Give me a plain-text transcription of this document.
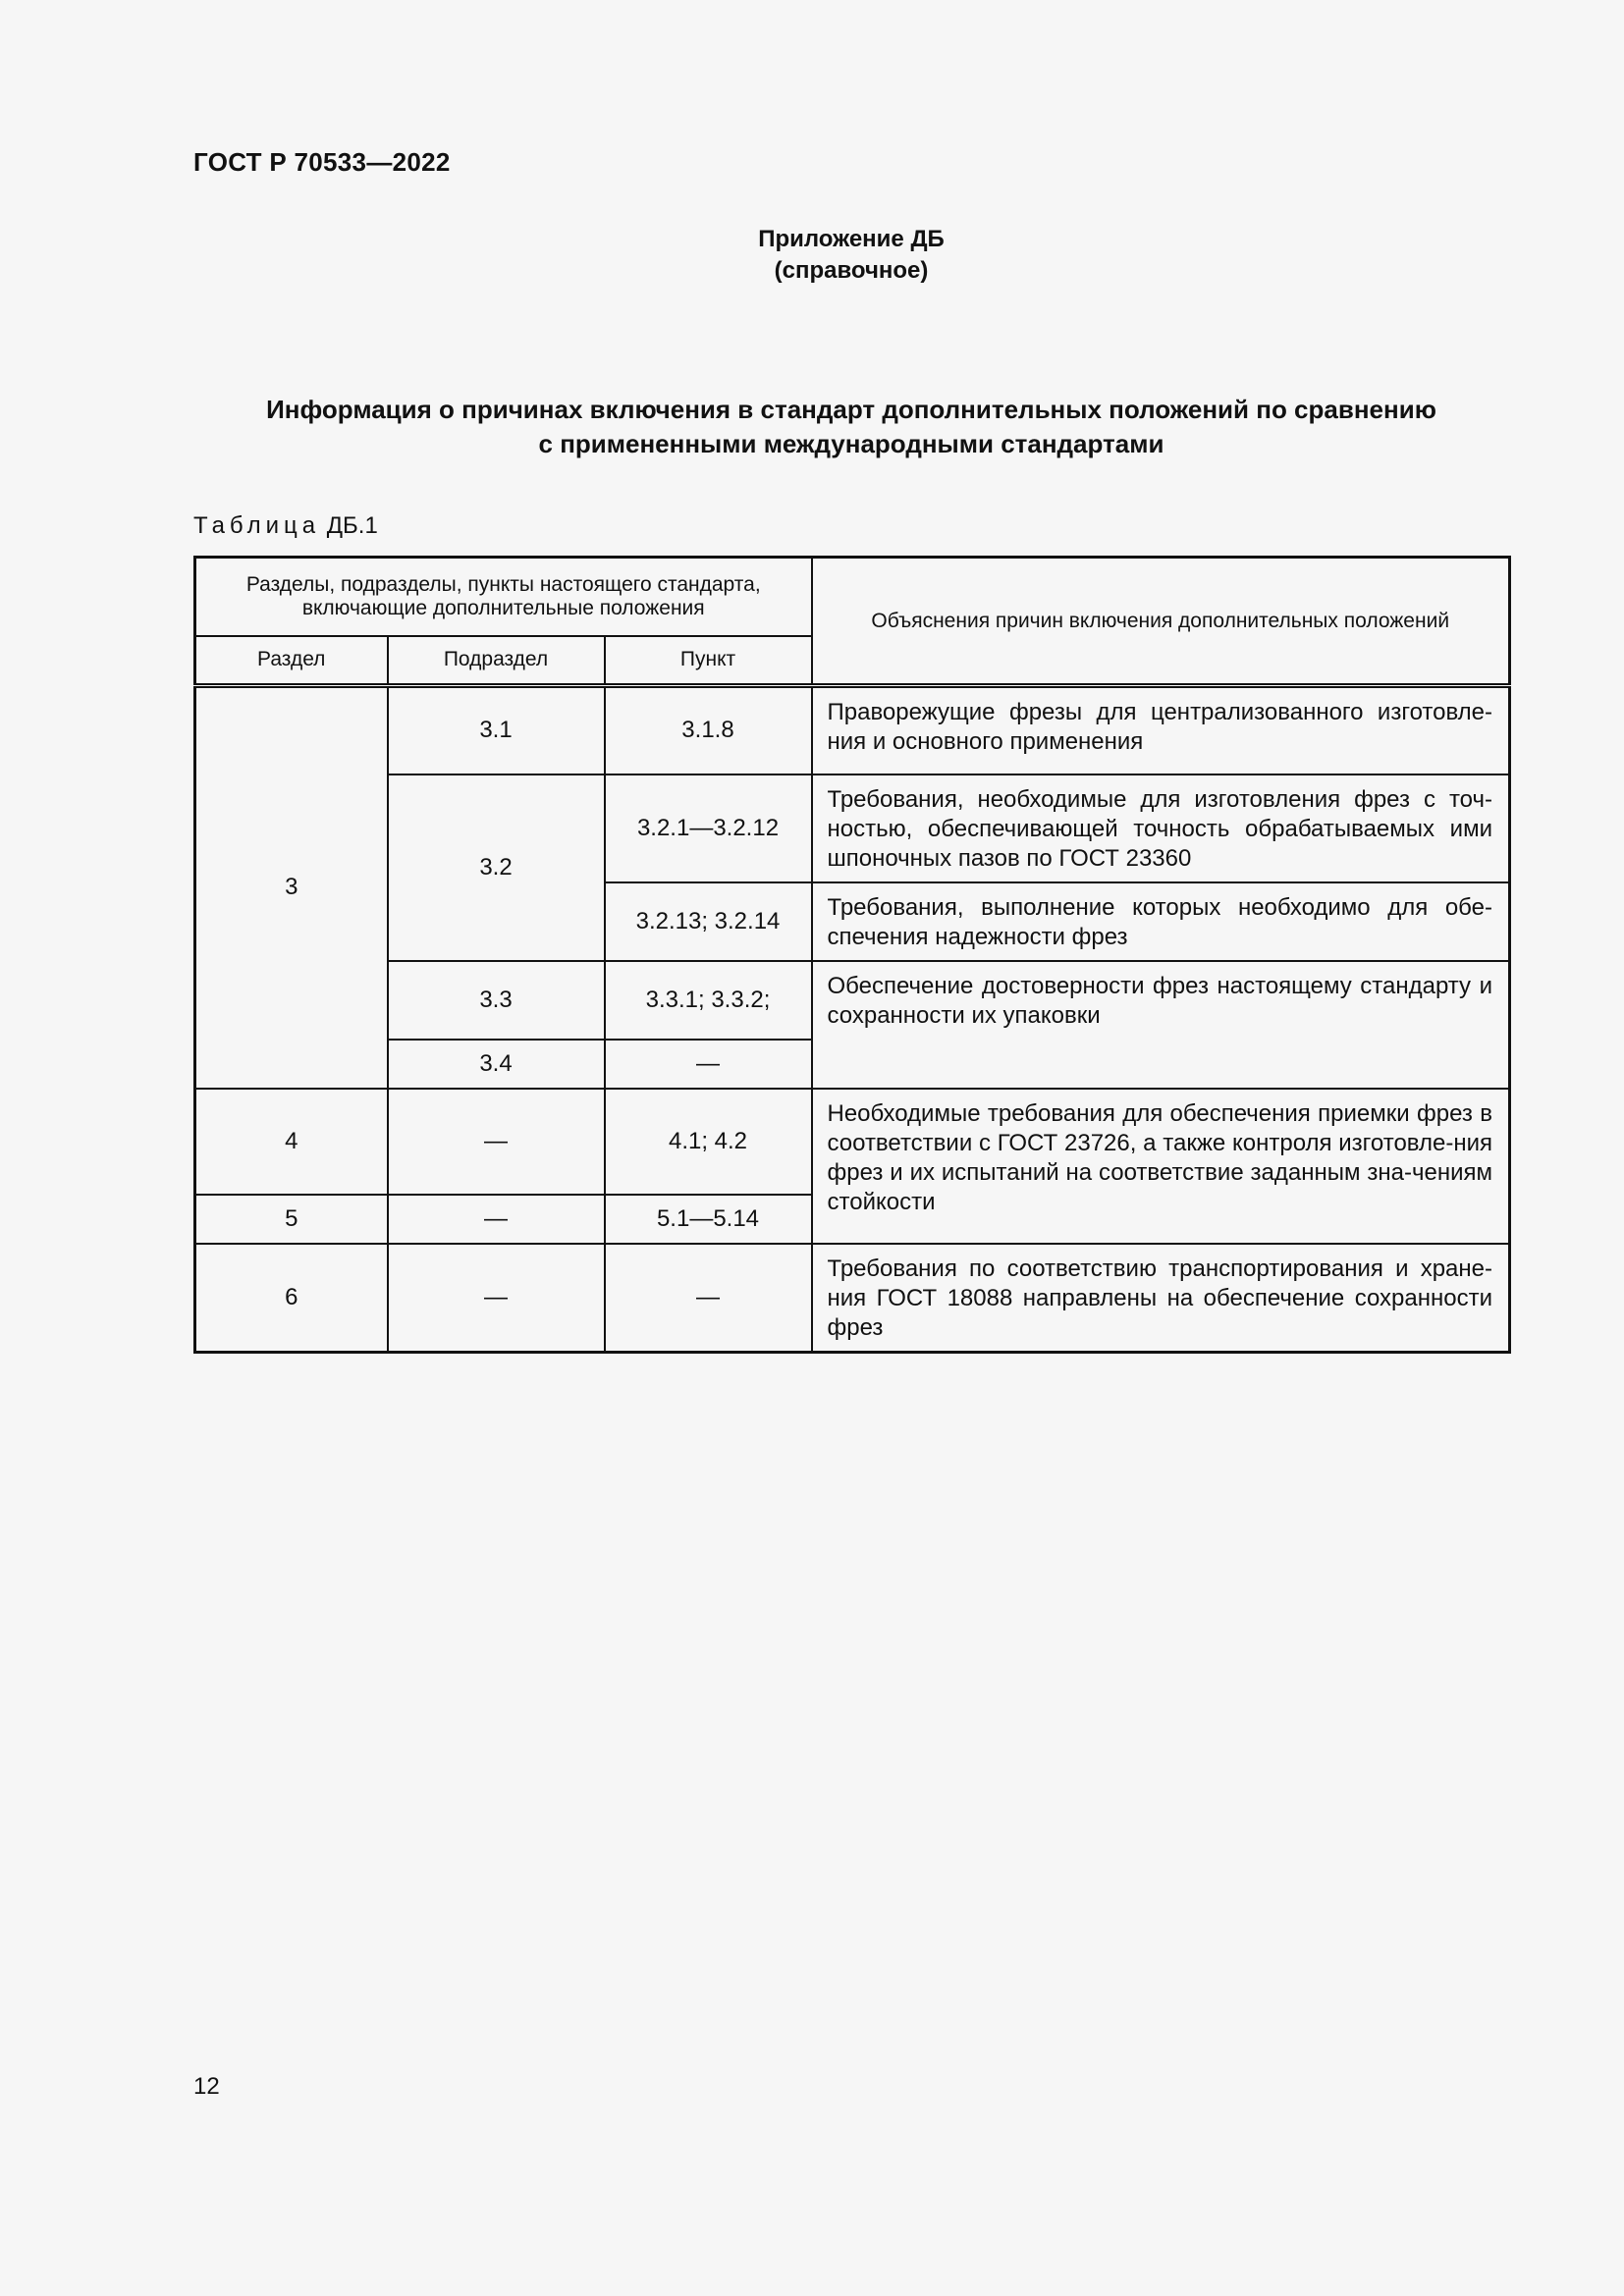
ГОСТ Р 70533—2022
Приложение ДБ
(справочное)
Информация о причинах включения в стандарт дополнительных положений по сравнению
с примененными международными стандартами
Таблица ДБ.1
Разделы, подразделы, пункты настоящего стандарта, включающие дополнительные положения			Объяснения причин включения дополнительных положений
Раздел	Подраздел	Пункт	
3	3.1	3.1.8	Праворежущие фрезы для централизованного изготовле-ния и основного применения
	3.2	3.2.1—3.2.12	Требования, необходимые для изготовления фрез с точ-ностью, обеспечивающей точность обрабатываемых ими шпоночных пазов по ГОСТ 23360
		3.2.13; 3.2.14	Требования, выполнение которых необходимо для обе-спечения надежности фрез
	3.3	3.3.1; 3.3.2;	Обеспечение достоверности фрез настоящему стандарту и сохранности их упаковки
	3.4	—	
4	—	4.1; 4.2	Необходимые требования для обеспечения приемки фрез в соответствии с ГОСТ 23726, а также контроля изготовле-ния фрез и их испытаний на соответствие заданным зна-чениям стойкости
5	—	5.1—5.14	
6	—	—	Требования по соответствию транспортирования и хране-ния ГОСТ 18088 направлены на обеспечение сохранности фрез
12
